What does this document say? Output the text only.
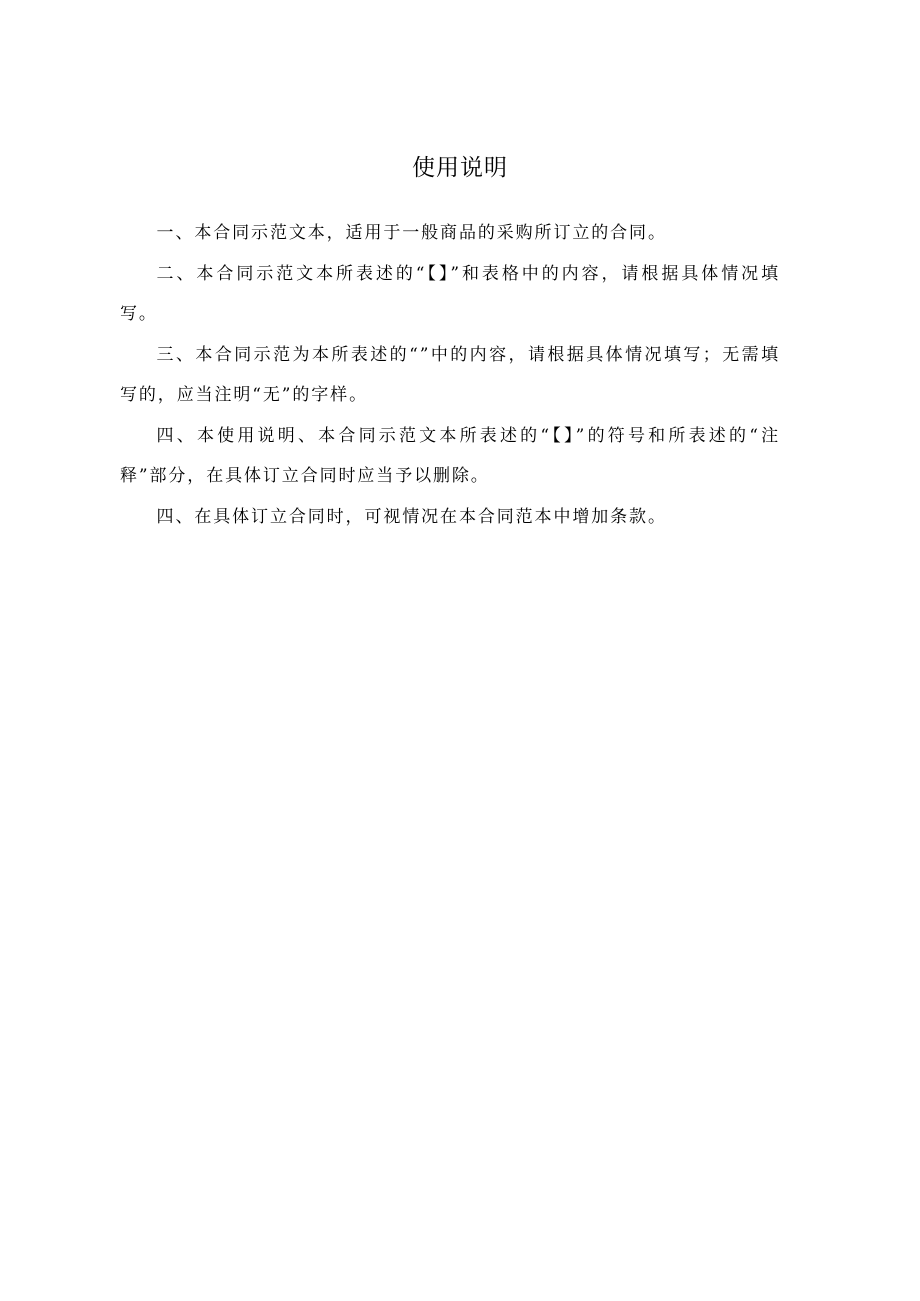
使用说明

一、本合同示范文本，适用于一般商品的采购所订立的合同。

二、本合同示范文本所表述的“【】”和表格中的内容，请根据具体情况填写。

三、本合同示范为本所表述的“”中的内容，请根据具体情况填写；无需填写的，应当注明“无”的字样。

四、本使用说明、本合同示范文本所表述的“【】”的符号和所表述的“注释”部分，在具体订立合同时应当予以删除。

四、在具体订立合同时，可视情况在本合同范本中增加条款。
